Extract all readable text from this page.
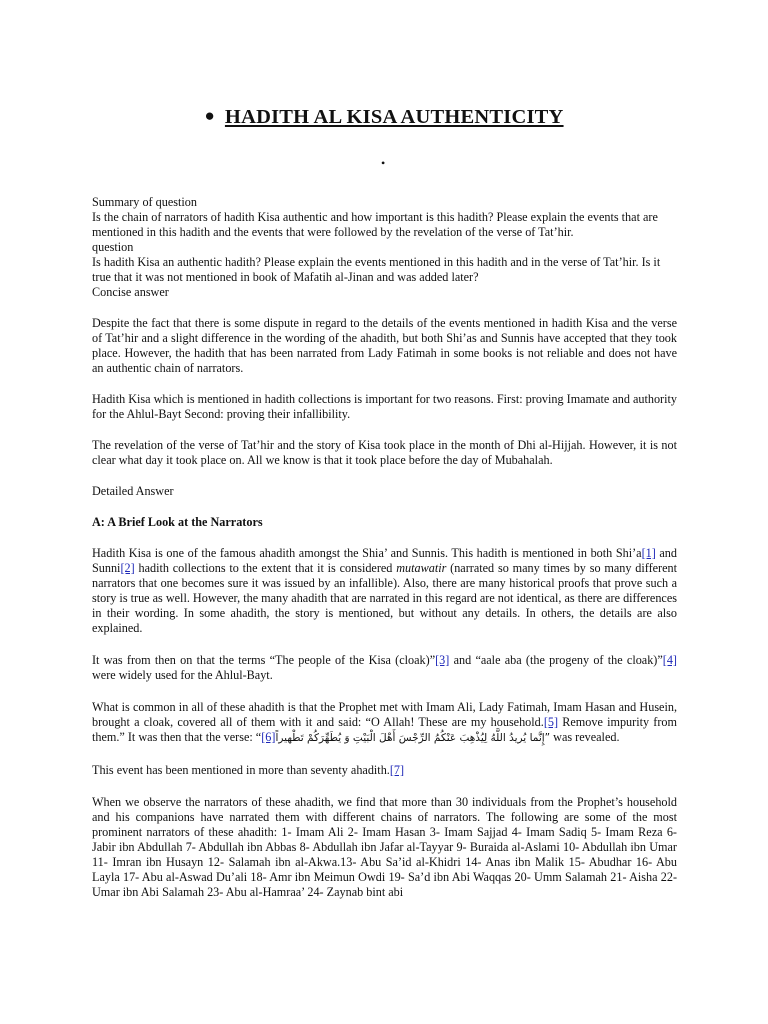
● HADITH AL KISA AUTHENTICITY
•

Summary of question

Is the chain of narrators of hadith Kisa authentic and how important is this hadith? Please explain the events that are mentioned in this hadith and the events that were followed by the revelation of the verse of Tat’hir.

question

Is hadith Kisa an authentic hadith? Please explain the events mentioned in this hadith and in the verse of Tat’hir. Is it true that it was not mentioned in book of Mafatih al-Jinan and was added later?

Concise answer

Despite the fact that there is some dispute in regard to the details of the events mentioned in hadith Kisa and the verse of Tat’hir and a slight difference in the wording of the ahadith, but both Shi’as and Sunnis have accepted that they took place. However, the hadith that has been narrated from Lady Fatimah in some books is not reliable and does not have an authentic chain of narrators.

Hadith Kisa which is mentioned in hadith collections is important for two reasons. First: proving Imamate and authority for the Ahlul-Bayt Second: proving their infallibility.

The revelation of the verse of Tat’hir and the story of Kisa took place in the month of Dhi al-Hijjah. However, it is not clear what day it took place on. All we know is that it took place before the day of Mubahalah.

Detailed Answer

A: A Brief Look at the Narrators

Hadith Kisa is one of the famous ahadith amongst the Shia’ and Sunnis. This hadith is mentioned in both Shi’a[1] and Sunni[2] hadith collections to the extent that it is considered mutawatir (narrated so many times by so many different narrators that one becomes sure it was issued by an infallible). Also, there are many historical proofs that prove such a story is true as well. However, the many ahadith that are narrated in this regard are not identical, as there are differences in their wording. In some ahadith, the story is mentioned, but without any details. In others, the details are also explained.

It was from then on that the terms “The people of the Kisa (cloak)”[3] and “aale aba (the progeny of the cloak)”[4] were widely used for the Ahlul-Bayt.

What is common in all of these ahadith is that the Prophet met with Imam Ali, Lady Fatimah, Imam Hasan and Husein, brought a cloak, covered all of them with it and said: “O Allah! These are my household.[5] Remove impurity from them.” It was then that the verse: “[6]”إِنَّما يُريدُ اللَّهُ لِيُذْهِبَ عَنْكُمُ الرِّجْسَ أَهْلَ الْبَيْتِ وَ يُطَهِّرَكُمْ تَطْهيراً was revealed.

This event has been mentioned in more than seventy ahadith.[7]

When we observe the narrators of these ahadith, we find that more than 30 individuals from the Prophet’s household and his companions have narrated them with different chains of narrators. The following are some of the most prominent narrators of these ahadith: 1- Imam Ali 2- Imam Hasan 3- Imam Sajjad 4- Imam Sadiq 5- Imam Reza 6- Jabir ibn Abdullah 7- Abdullah ibn Abbas 8- Abdullah ibn Jafar al-Tayyar 9- Buraida al-Aslami 10- Abdullah ibn Umar 11- Imran ibn Husayn 12- Salamah ibn al-Akwa.13- Abu Sa’id al-Khidri 14- Anas ibn Malik 15- Abudhar 16- Abu Layla 17- Abu al-Aswad Du’ali 18- Amr ibn Meimun Owdi 19- Sa’d ibn Abi Waqqas 20- Umm Salamah 21- Aisha 22- Umar ibn Abi Salamah 23- Abu al-Hamraa’ 24- Zaynab bint abi
